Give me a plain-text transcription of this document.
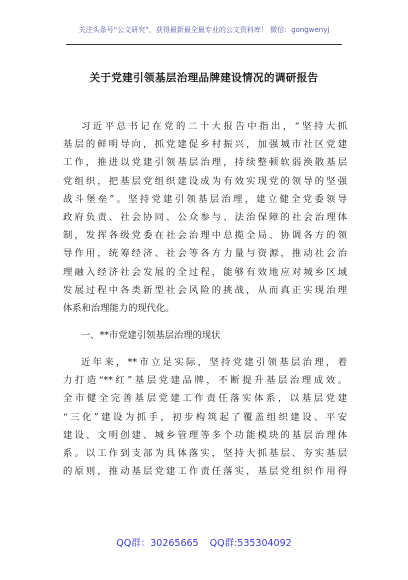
关注头条号“公文研究”，获得最新最全最专业的公文资料库！ 微信：gongwenyj
关于党建引领基层治理品牌建设情况的调研报告
习近平总书记在党的二十大报告中指出，“坚持大抓
基层的鲜明导向，抓党建促乡村振兴，加强城市社区党建
工作，推进以党建引领基层治理，持续整顿软弱涣散基层
党组织，把基层党组织建设成为有效实现党的领导的坚强
战斗堡垒”。坚持党建引领基层治理，建立健全党委领导
政府负责、社会协同、公众参与、法治保障的社会治理体
制，发挥各级党委在社会治理中总揽全局、协调各方的领
导作用，统筹经济、社会等各方力量与资源，推动社会治
理融入经济社会发展的全过程，能够有效地应对城乡区域
发展过程中各类新型社会风险的挑战，从而真正实现治理
体系和治理能力的现代化。
一、**市党建引领基层治理的现状
近年来，**市立足实际，坚持党建引领基层治理，着
力打造“**红”基层党建品牌，不断提升基层治理成效。
全市健全完善基层党建工作责任落实体系，以基层党建
“三化”建设为抓手，初步构筑起了覆盖组织建设、平安
建设、文明创建、城乡管理等多个功能模块的基层治理体
系。以工作到支部为具体落实，坚持大抓基层、夯实基层
的原则，推动基层党建工作责任落实，基层党组织作用得
QQ群：30265665 QQ群:535304092
